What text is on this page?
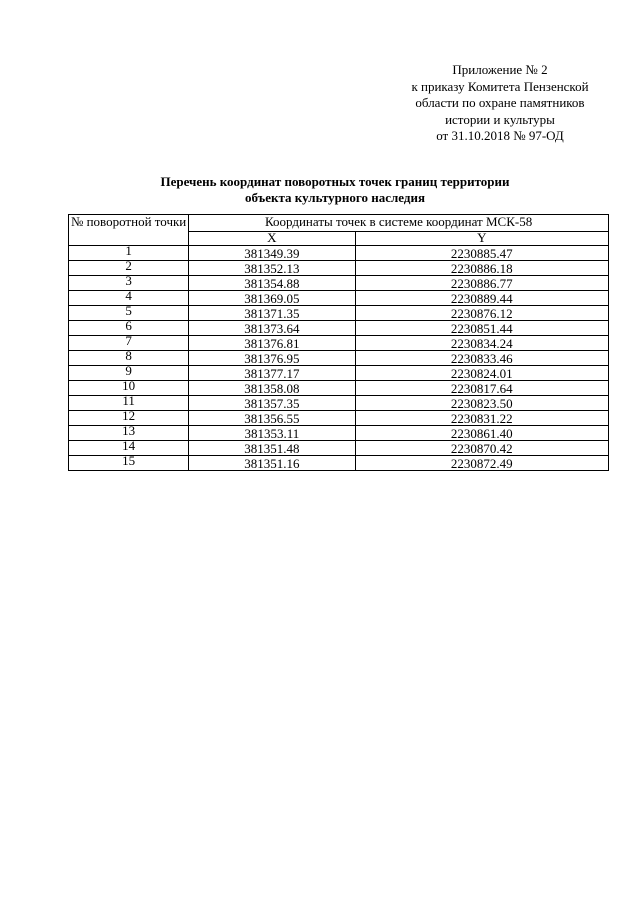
Приложение № 2
к приказу Комитета Пензенской
области по охране памятников
истории и культуры
от 31.10.2018 № 97-ОД
Перечень координат поворотных точек границ территории
объекта культурного наследия
№ поворотной точки	Координаты точек в системе координат МСК-58	
	X	Y
1	381349.39	2230885.47
2	381352.13	2230886.18
3	381354.88	2230886.77
4	381369.05	2230889.44
5	381371.35	2230876.12
6	381373.64	2230851.44
7	381376.81	2230834.24
8	381376.95	2230833.46
9	381377.17	2230824.01
10	381358.08	2230817.64
11	381357.35	2230823.50
12	381356.55	2230831.22
13	381353.11	2230861.40
14	381351.48	2230870.42
15	381351.16	2230872.49
